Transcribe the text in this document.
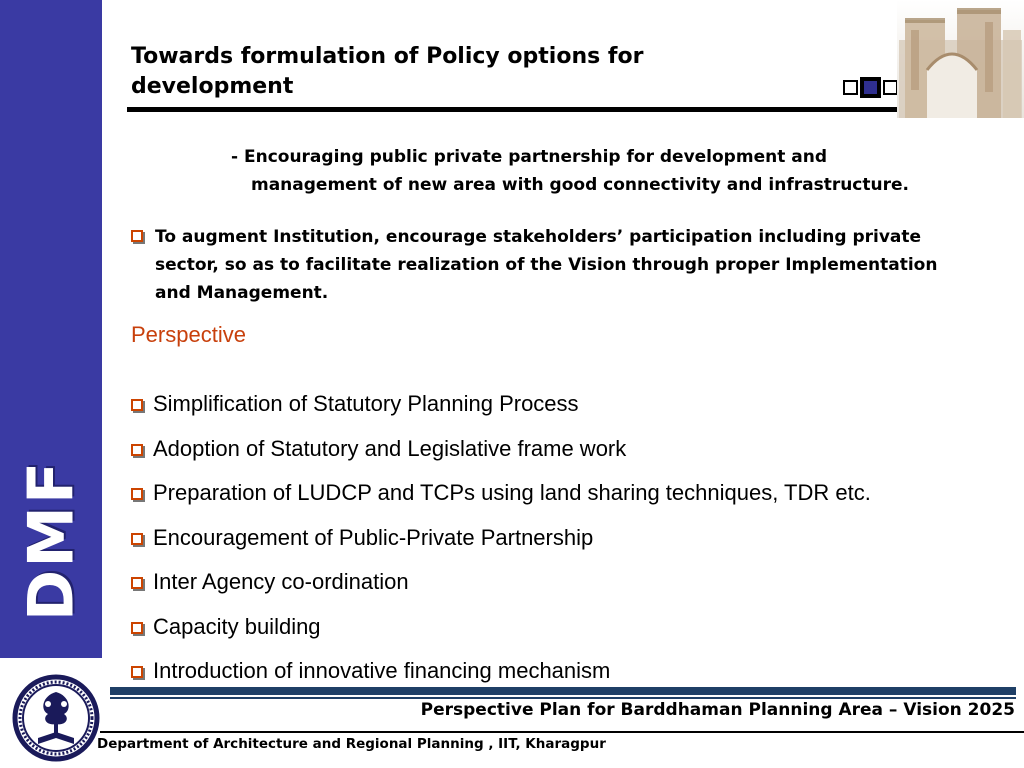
DMF
Towards formulation of Policy options for development
- Encouraging public private partnership for development and
management of new area with good connectivity and infrastructure.
To augment Institution, encourage stakeholders’ participation including private sector, so as to facilitate realization of the Vision through proper Implementation and Management.
Perspective
Simplification of Statutory Planning Process
Adoption of Statutory and Legislative frame work
Preparation of LUDCP and TCPs using land sharing techniques, TDR etc.
Encouragement of Public-Private Partnership
Inter Agency co-ordination
Capacity building
Introduction of innovative financing mechanism
Perspective Plan for Barddhaman Planning Area – Vision 2025
Department of Architecture and Regional Planning , IIT, Kharagpur
